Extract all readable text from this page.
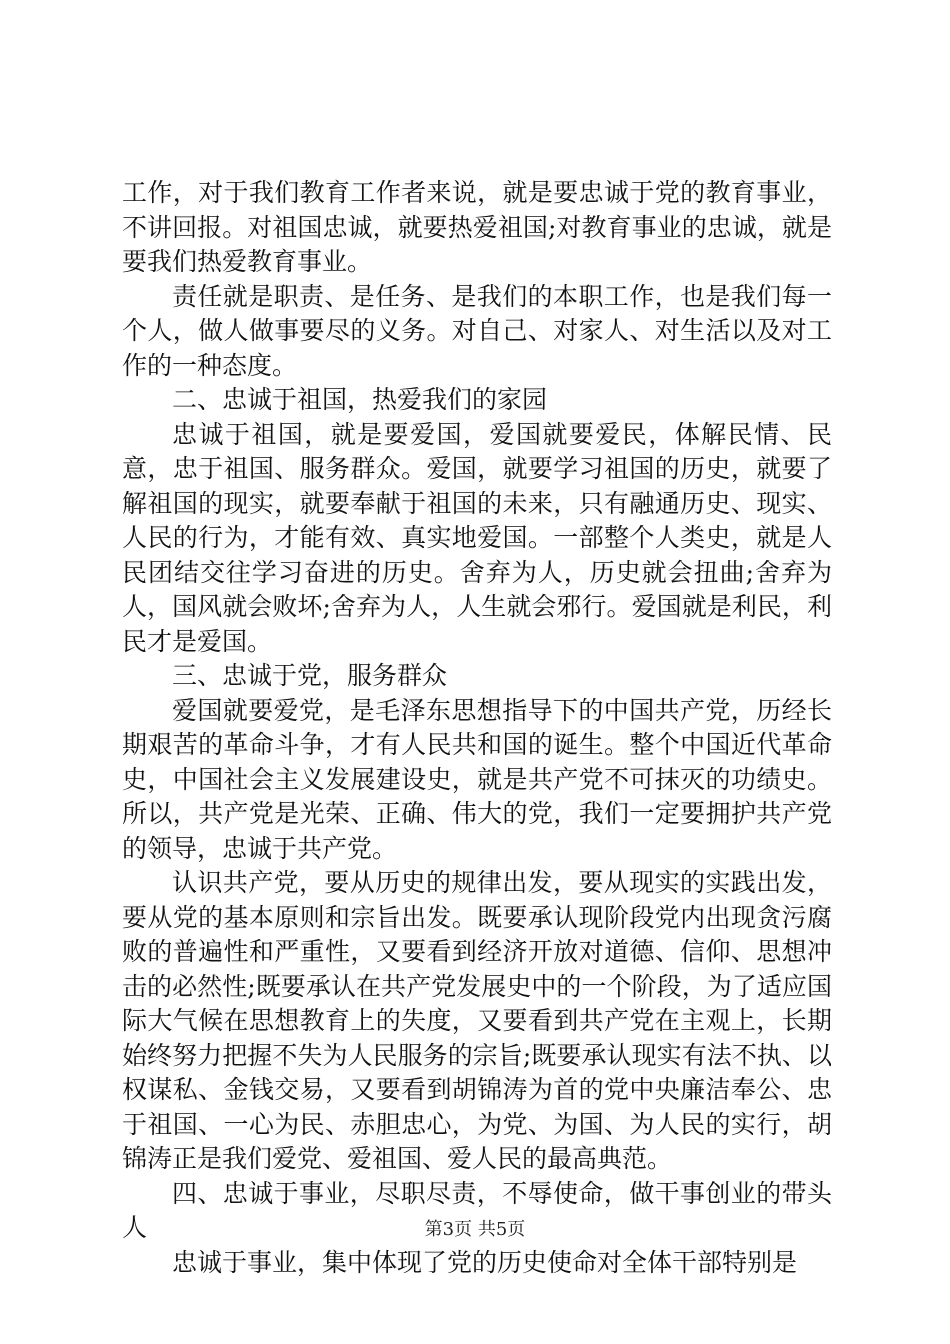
工作，对于我们教育工作者来说，就是要忠诚于党的教育事业，不讲回报。对祖国忠诚，就要热爱祖国;对教育事业的忠诚，就是要我们热爱教育事业。

责任就是职责、是任务、是我们的本职工作，也是我们每一个人，做人做事要尽的义务。对自己、对家人、对生活以及对工作的一种态度。

二、忠诚于祖国，热爱我们的家园

忠诚于祖国，就是要爱国，爱国就要爱民，体解民情、民意，忠于祖国、服务群众。爱国，就要学习祖国的历史，就要了解祖国的现实，就要奉献于祖国的未来，只有融通历史、现实、人民的行为，才能有效、真实地爱国。一部整个人类史，就是人民团结交往学习奋进的历史。舍弃为人，历史就会扭曲;舍弃为人，国风就会败坏;舍弃为人，人生就会邪行。爱国就是利民，利民才是爱国。

三、忠诚于党，服务群众

爱国就要爱党，是毛泽东思想指导下的中国共产党，历经长期艰苦的革命斗争，才有人民共和国的诞生。整个中国近代革命史，中国社会主义发展建设史，就是共产党不可抹灭的功绩史。所以，共产党是光荣、正确、伟大的党，我们一定要拥护共产党的领导，忠诚于共产党。

认识共产党，要从历史的规律出发，要从现实的实践出发，要从党的基本原则和宗旨出发。既要承认现阶段党内出现贪污腐败的普遍性和严重性，又要看到经济开放对道德、信仰、思想冲击的必然性;既要承认在共产党发展史中的一个阶段，为了适应国际大气候在思想教育上的失度，又要看到共产党在主观上，长期始终努力把握不失为人民服务的宗旨;既要承认现实有法不执、以权谋私、金钱交易，又要看到胡锦涛为首的党中央廉洁奉公、忠于祖国、一心为民、赤胆忠心，为党、为国、为人民的实行，胡锦涛正是我们爱党、爱祖国、爱人民的最高典范。

四、忠诚于事业，尽职尽责，不辱使命，做干事创业的带头人

忠诚于事业，集中体现了党的历史使命对全体干部特别是

第3页 共5页
